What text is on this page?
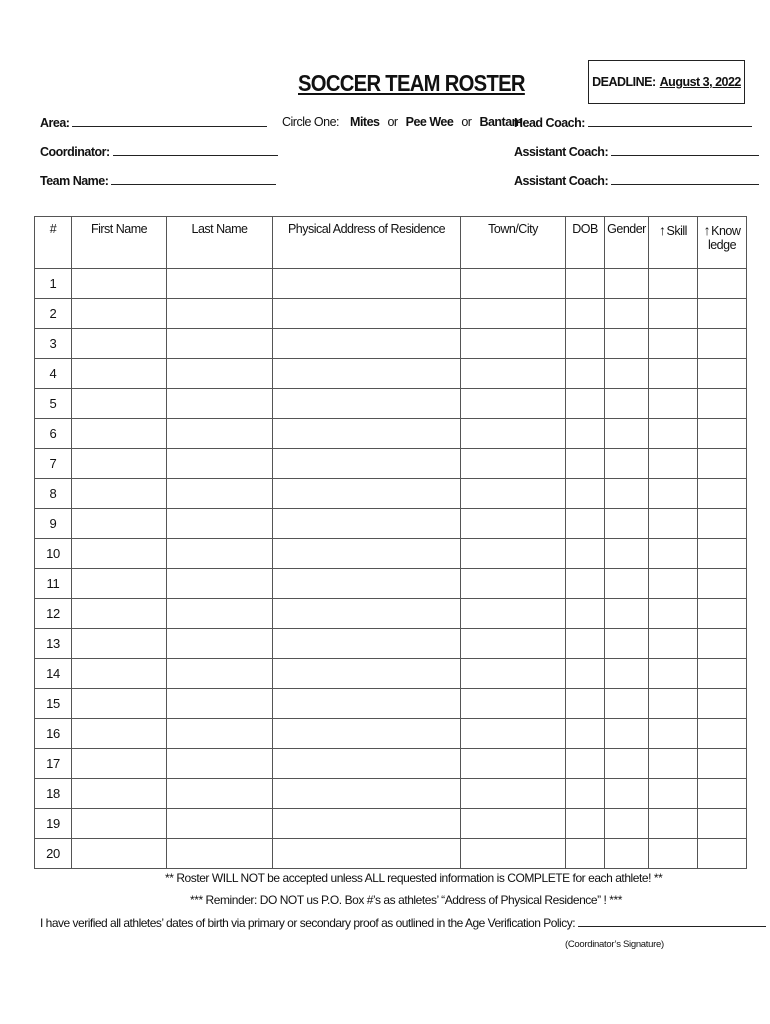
SOCCER TEAM ROSTER	DEADLINE: August 3, 2022
Area:
Coordinator:
Team Name:
Circle One: Mites or Pee Wee or Bantam
Head Coach:
Assistant Coach:
Assistant Coach:
#	First Name	Last Name	Physical Address of Residence	Town/City	DOB	Gender	↑Skill	↑Know ledge
1								
2								
3								
4								
5								
6								
7								
8								
9								
10								
11								
12								
13								
14								
15								
16								
17								
18								
19								
20								
** Roster WILL NOT be accepted unless ALL requested information is COMPLETE for each athlete! **
*** Reminder: DO NOT us P.O. Box #’s as athletes’ “Address of Physical Residence” ! ***
I have verified all athletes’ dates of birth via primary or secondary proof as outlined in the Age Verification Policy:
(Coordinator’s Signature)
